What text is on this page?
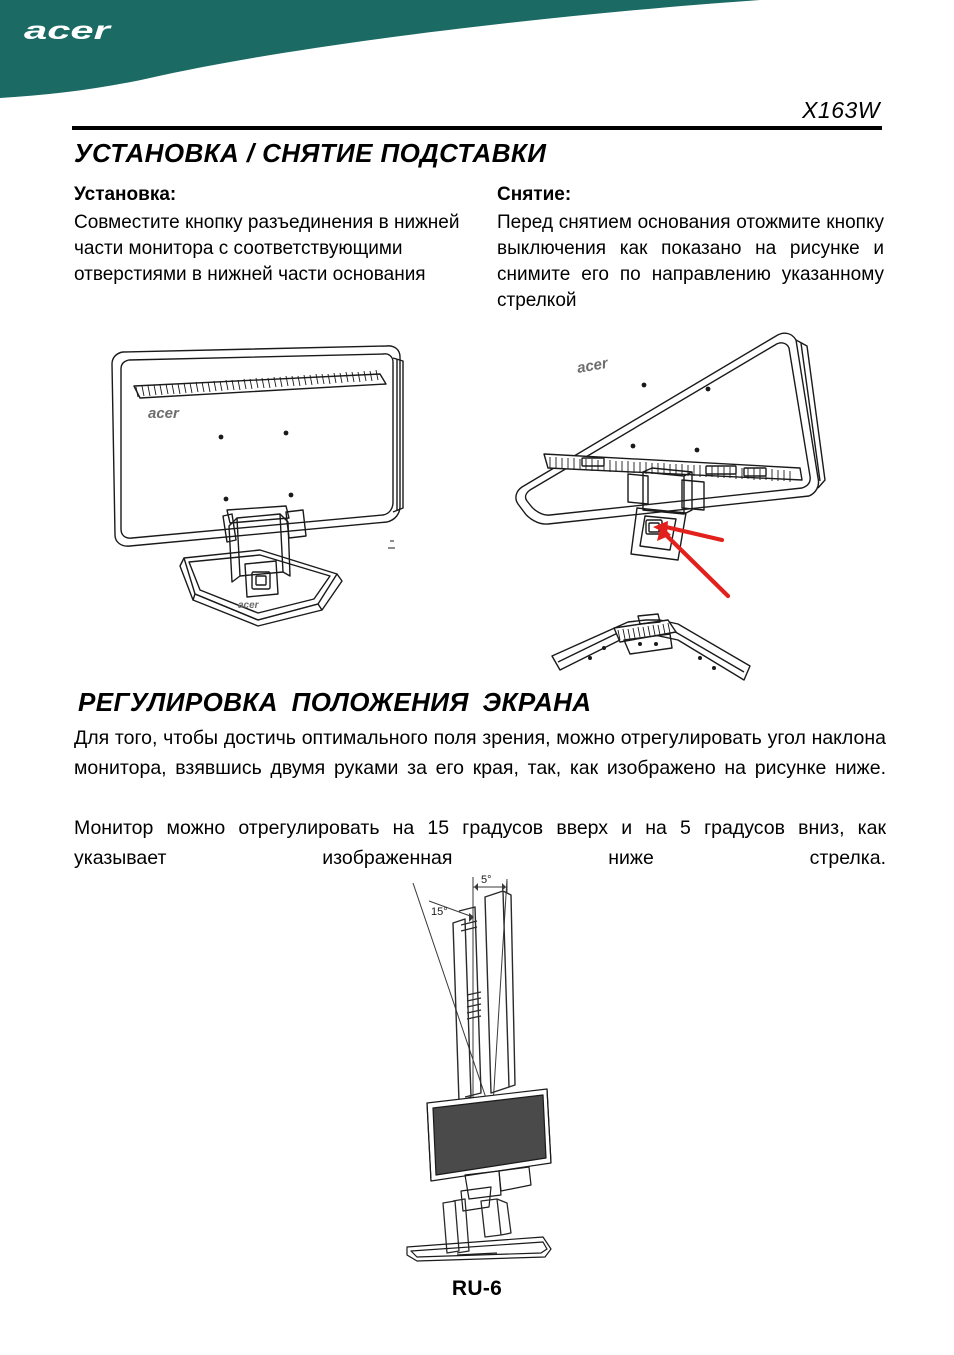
acer
X163W
УСТАНОВКА / СНЯТИЕ ПОДСТАВКИ
Установка:
Совместите кнопку разъединения в нижней части монитора с соответствующими отверстиями в нижней части основания
Снятие:
Перед снятием основания отожмите кнопку выключения как показано на рисунке и снимите его по направлению указанному стрелкой
acer
acer
acer
РЕГУЛИРОВКА ПОЛОЖЕНИЯ ЭКРАНА

Для того, чтобы достичь оптимального поля зрения, можно отрегулировать угол наклона монитора, взявшись двумя руками за его края, так, как изображено на рисунке ниже.

Монитор можно отрегулировать на 15 градусов вверх и на 5 градусов вниз, как указывает изображенная ниже стрелка.

15°
5°
RU-6
